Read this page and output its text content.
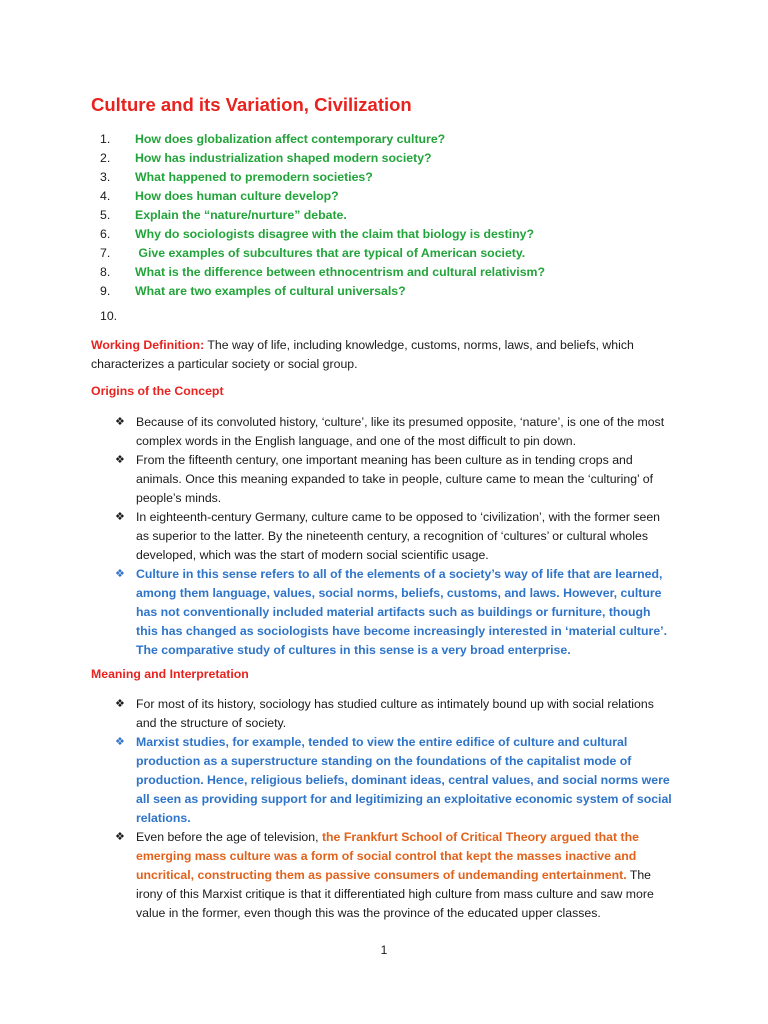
Culture and its Variation, Civilization
1.	How does globalization affect contemporary culture?
2.	How has industrialization shaped modern society?
3.	What happened to premodern societies?
4.	How does human culture develop?
5.	Explain the “nature/nurture” debate.
6.	Why do sociologists disagree with the claim that biology is destiny?
7.	Give examples of subcultures that are typical of American society.
8.	What is the difference between ethnocentrism and cultural relativism?
9.	What are two examples of cultural universals?
10.

Working Definition: The way of life, including knowledge, customs, norms, laws, and beliefs, which characterizes a particular society or social group.

Origins of the Concept
❖ Because of its convoluted history, ‘culture’, like its presumed opposite, ‘nature’, is one of the most complex words in the English language, and one of the most difficult to pin down.
❖ From the fifteenth century, one important meaning has been culture as in tending crops and animals. Once this meaning expanded to take in people, culture came to mean the ‘culturing’ of people’s minds.
❖ In eighteenth-century Germany, culture came to be opposed to ‘civilization’, with the former seen as superior to the latter. By the nineteenth century, a recognition of ‘cultures’ or cultural wholes developed, which was the start of modern social scientific usage.
❖ Culture in this sense refers to all of the elements of a society’s way of life that are learned, among them language, values, social norms, beliefs, customs, and laws. However, culture has not conventionally included material artifacts such as buildings or furniture, though this has changed as sociologists have become increasingly interested in ‘material culture’. The comparative study of cultures in this sense is a very broad enterprise.
Meaning and Interpretation
❖ For most of its history, sociology has studied culture as intimately bound up with social relations and the structure of society.
❖ Marxist studies, for example, tended to view the entire edifice of culture and cultural production as a superstructure standing on the foundations of the capitalist mode of production. Hence, religious beliefs, dominant ideas, central values, and social norms were all seen as providing support for and legitimizing an exploitative economic system of social relations.
❖ Even before the age of television, the Frankfurt School of Critical Theory argued that the emerging mass culture was a form of social control that kept the masses inactive and uncritical, constructing them as passive consumers of undemanding entertainment. The irony of this Marxist critique is that it differentiated high culture from mass culture and saw more value in the former, even though this was the province of the educated upper classes.
1
